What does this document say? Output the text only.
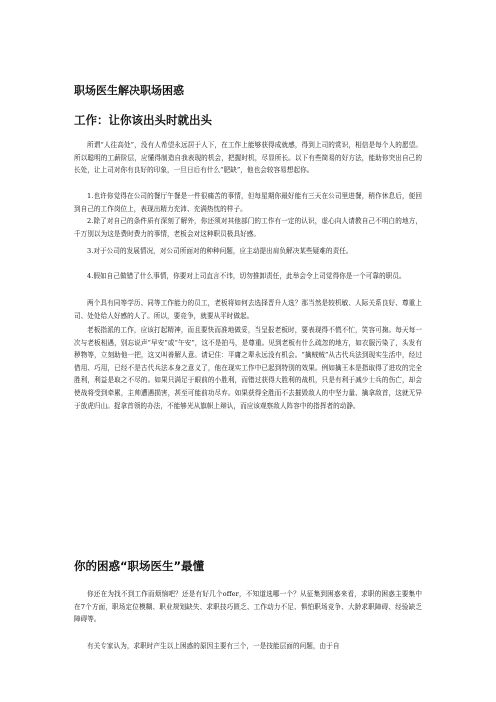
职场医生解决职场困惑
工作：让你该出头时就出头

所谓“人往高处”，没有人希望永远居于人下，在工作上能够获得成就感，得到上司的赏识，相信是每个人的愿望。所以聪明的工薪阶层，应懂得制造自我表现的机会，把握时机，尽显所长。以下有些简易的好方法，能助你突出自己的长处，让上司对你有良好的印象，一旦日后有什么“肥缺”，他也会较容易想起你。

1.也许你觉得在公司的餐厅午餐是一件很痛苦的事情，但每星期你最好能有三天在公司里进餐，稍作休息后，便回到自己的工作岗位上，表现出精力充沛、充满热忱的样子。

2.除了对自己的条件质有深刻了解外，你还须对其他部门的工作有一定的认识，虚心向人请教自己不明白的地方，千万别以为这是费时费力的事情，老板会对这种职员极具好感。

3.对于公司的发展情况，对公司所面对的种种问题，应主动提出肩负解决某些疑难的责任。

4.假如自己做错了什么事情，你要对上司直言不讳，切勿推卸责任，此举会令上司觉得你是一个可靠的职员。

两个具有同等学历、同等工作能力的员工，老板将如何去选择晋升人选？那当然是较机敏、人际关系良好、尊重上司、处处给人好感的人了。所以，要竞争，就要从平时做起。

老板指派的工作，应该打起精神，而且要快而准地做妥，当呈报老板时，要表现得不慌不忙，笑容可掬。每天每一次与老板相遇，别忘说声“早安”或“午安”，这不是拍马，是尊重。见到老板有什么疏忽的地方，如衣服污染了，头发有秽物等，立刻助他一把，这又叫善解人意。请记住：平庸之辈永远没有机会。“擒贼贼”从古代兵法到现实生活中，经过借用、巧用，已经不是古代兵法本身之意义了，他在现实工作中已起到特别的效果。例如擒王本是指取得了进攻的完全胜利，利益是取之不尽的。如果只满足于眼前的小胜利，而错过获得大胜利的战机，只是有利于减少士兵的伤亡，却会使战将受到牵累，主帅遭遇损害，甚至可能前功尽弃。如果获得全胜而不去摧毁敌人的中坚力量、擒拿敌首，这就无异于放虎归山。捉拿首领的办法，不能够光从旗帜上辩认，而应该观察敌人阵容中的指挥者的动静。

你的困惑“职场医生”最懂

你还在为找不到工作而烦恼吧？还是有好几个offer，不知道选哪一个？从征集到困惑来看，求职的困惑主要集中在7个方面，职场定位模糊、职业规划缺失、求职技巧匮乏、工作动力不足、惧怕职场竞争、大龄求职障碍、经验缺乏障碍等。

有关专家认为，求职时产生以上困惑的原因主要有三个，一是技能层面的问题，由于自
